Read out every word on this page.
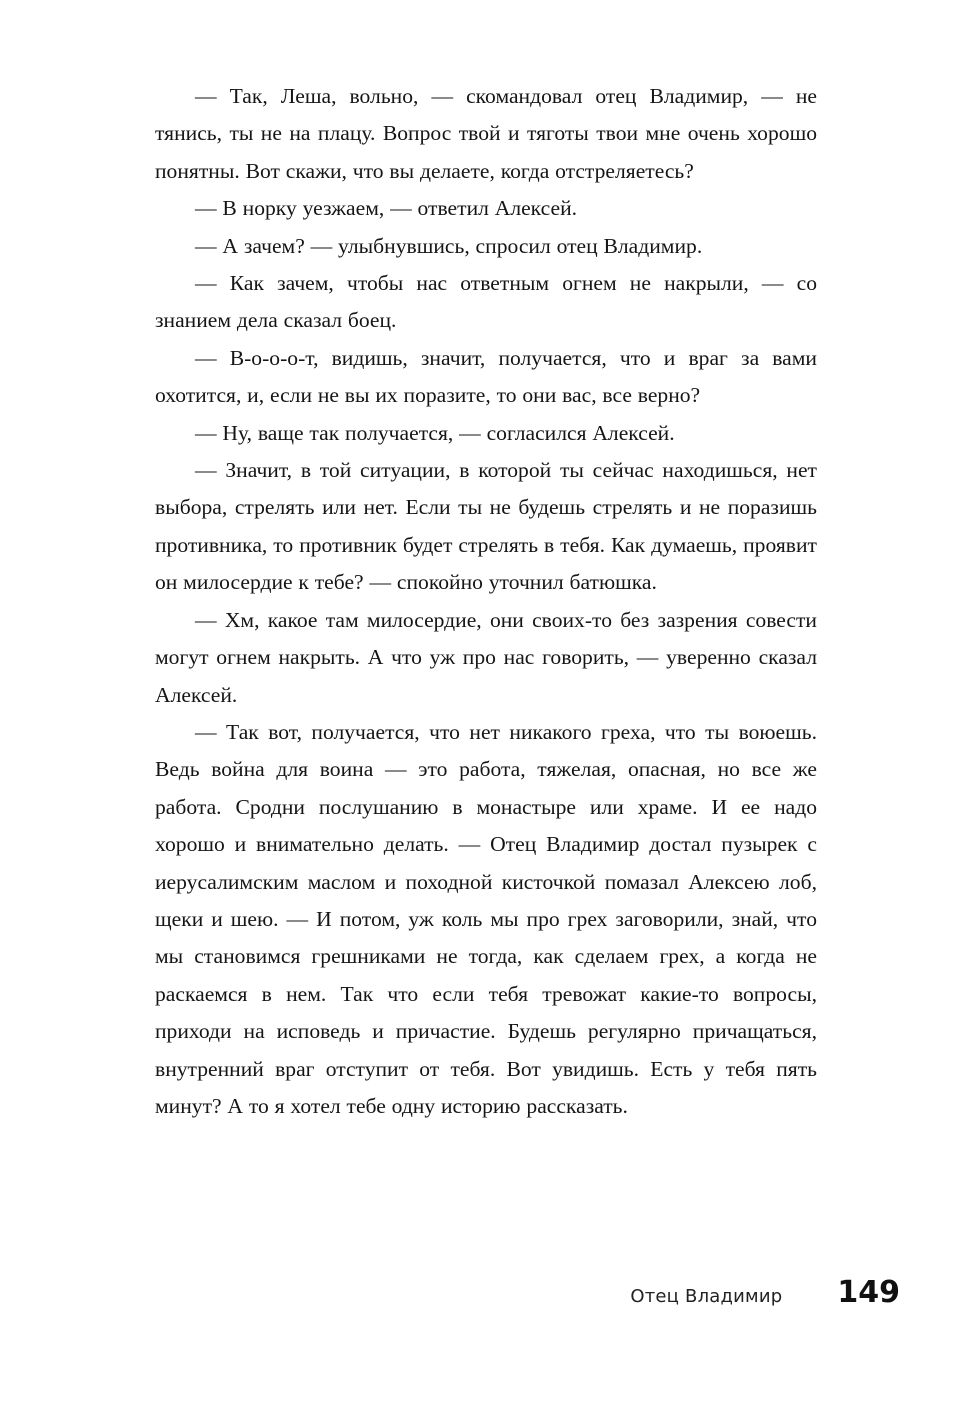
— Так, Леша, вольно, — скомандовал отец Владимир, — не тянись, ты не на плацу. Вопрос твой и тяготы твои мне очень хорошо понятны. Вот скажи, что вы делаете, когда отстреляетесь?

— В норку уезжаем, — ответил Алексей.

— А зачем? — улыбнувшись, спросил отец Владимир.

— Как зачем, чтобы нас ответным огнем не накрыли, — со знанием дела сказал боец.

— В-о-о-о-т, видишь, значит, получается, что и враг за вами охотится, и, если не вы их поразите, то они вас, все верно?

— Ну, ваще так получается, — согласился Алексей.

— Значит, в той ситуации, в которой ты сейчас находишься, нет выбора, стрелять или нет. Если ты не будешь стрелять и не поразишь противника, то противник будет стрелять в тебя. Как думаешь, проявит он милосердие к тебе? — спокойно уточнил батюшка.

— Хм, какое там милосердие, они своих-то без зазрения совести могут огнем накрыть. А что уж про нас говорить, — уверенно сказал Алексей.

— Так вот, получается, что нет никакого греха, что ты воюешь. Ведь война для воина — это работа, тяжелая, опасная, но все же работа. Сродни послушанию в монастыре или храме. И ее надо хорошо и внимательно делать. — Отец Владимир достал пузырек с иерусалимским маслом и походной кисточкой помазал Алексею лоб, щеки и шею. — И потом, уж коль мы про грех заговорили, знай, что мы становимся грешниками не тогда, как сделаем грех, а когда не раскаемся в нем. Так что если тебя тревожат какие-то вопросы, приходи на исповедь и причастие. Будешь регулярно причащаться, внутренний враг отступит от тебя. Вот увидишь. Есть у тебя пять минут? А то я хотел тебе одну историю рассказать.

Отец Владимир 149
